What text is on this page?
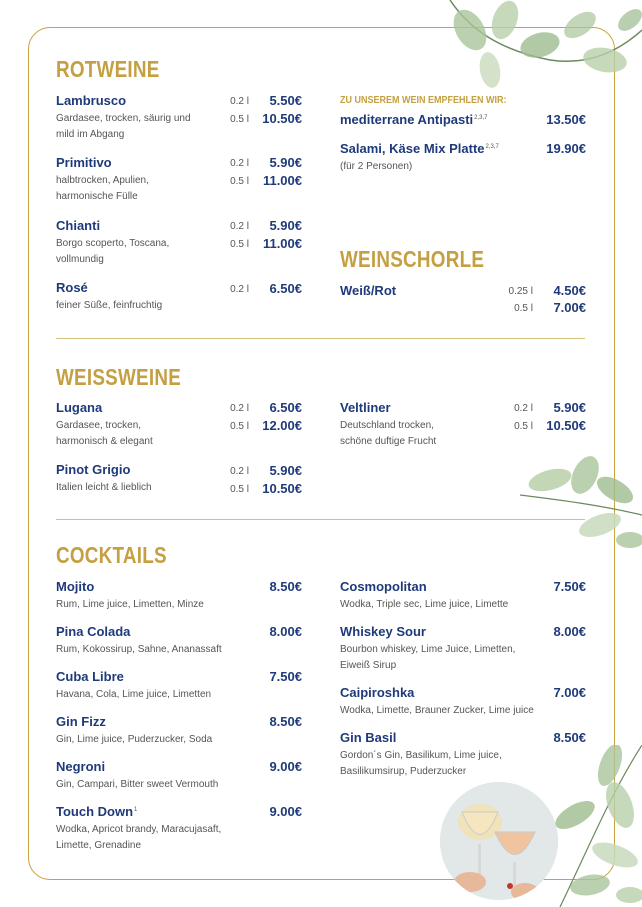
ROTWEINE
WEINSCHORLE
WEISSWEINE
COCKTAILS
ZU UNSEREM WEIN EMPFEHLEN WIR:
Lambrusco
Gardasee, trocken, säurig und mild im Abgang
0.2 l	5.50€
0.5 l	10.50€
Primitivo
halbtrocken, Apulien, harmonische Fülle
0.2 l	5.90€
0.5 l	11.00€
Chianti
Borgo scoperto, Toscana, vollmundig
0.2 l	5.90€
0.5 l	11.00€
Rosé
feiner Süße, feinfruchtig
0.2 l	6.50€
mediterrane Antipasti$^{2,3,7}$	13.50€
Salami, Käse Mix Platte$^{2,3,7}$
(für 2 Personen)
19.90€
Weiß/Rot	0.25 l	4.50€
0.5 l	7.00€
Lugana
Gardasee, trocken, harmonisch & elegant
0.2 l	6.50€
0.5 l	12.00€
Pinot Grigio
Italien leicht & lieblich
0.2 l	5.90€
0.5 l	10.50€
Veltliner
Deutschland trocken, schöne duftige Frucht
0.2 l	5.90€
0.5 l	10.50€
Mojito
Rum, Lime juice, Limetten, Minze
8.50€
Pina Colada
Rum, Kokossirup, Sahne, Ananassaft
8.00€
Cuba Libre
Havana, Cola, Lime juice, Limetten
7.50€
Gin Fizz
Gin, Lime juice, Puderzucker, Soda
8.50€
Negroni
Gin, Campari, Bitter sweet Vermouth
9.00€
Touch Down$^1$
Wodka, Apricot brandy, Maracujasaft, Limette, Grenadine
9.00€
Cosmopolitan
Wodka, Triple sec, Lime juice, Limette
7.50€
Whiskey Sour
Bourbon whiskey, Lime Juice, Limetten, Eiweiß Sirup
8.00€
Caipiroshka
Wodka, Limette, Brauner Zucker, Lime juice
7.00€
Gin Basil
Gordon´s Gin, Basilikum, Lime juice, Basilikumsirup, Puderzucker
8.50€
